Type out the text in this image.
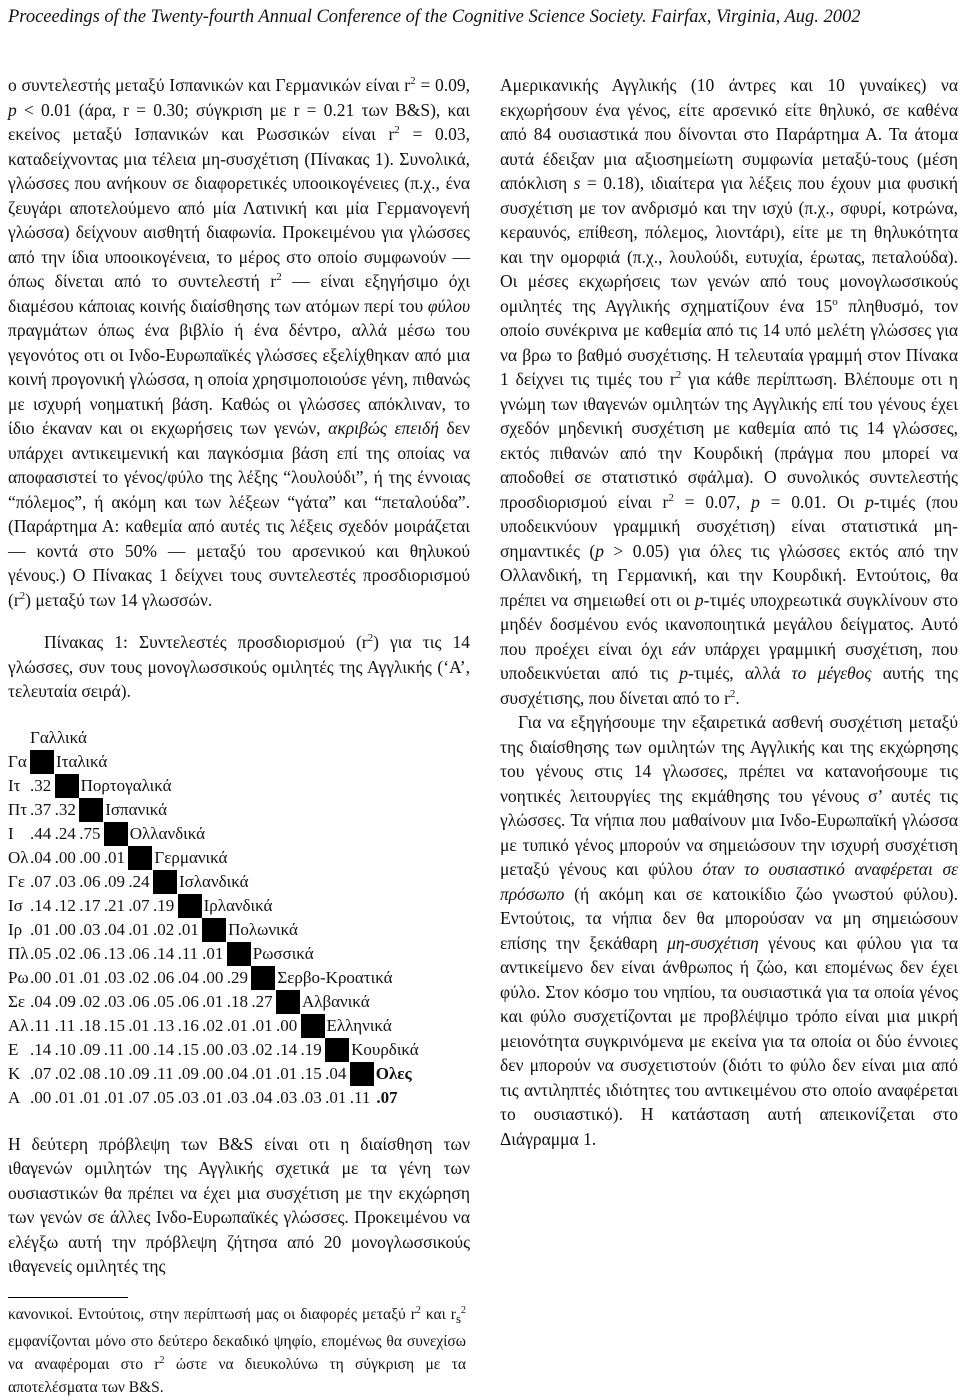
Proceedings of the Twenty-fourth Annual Conference of the Cognitive Science Society. Fairfax, Virginia, Aug. 2002

ο συντελεστής μεταξύ Ισπανικών και Γερμανικών είναι $r^2 = 0.09$, p < 0.01 (άρα, r = 0.30; σύγκριση με r = 0.21 των B&S), και εκείνος μεταξύ Ισπανικών και Ρωσσικών είναι $r^2 = 0.03$, καταδείχνοντας μια τέλεια μη-συσχέτιση (Πίνακας 1). Συνολικά, γλώσσες που ανήκουν σε διαφορετικές υποοικογένειες (π.χ., ένα ζευγάρι αποτελούμενο από μία Λατινική και μία Γερμανογενή γλώσσα) δείχνουν αισθητή διαφωνία. Προκειμένου για γλώσσες από την ίδια υποοικογένεια, το μέρος στο οποίο συμφωνούν — όπως δίνεται από το συντελεστή $r^2$ — είναι εξηγήσιμο όχι διαμέσου κάποιας κοινής διαίσθησης των ατόμων περί του φύλου πραγμάτων όπως ένα βιβλίο ή ένα δέντρο, αλλά μέσω του γεγονότος οτι οι Ινδο-Ευρωπαϊκές γλώσσες εξελίχθηκαν από μια κοινή προγονική γλώσσα, η οποία χρησιμοποιούσε γένη, πιθανώς με ισχυρή νοηματική βάση. Καθώς οι γλώσσες απόκλιναν, το ίδιο έκαναν και οι εκχωρήσεις των γενών, ακριβώς επειδή δεν υπάρχει αντικειμενική και παγκόσμια βάση επί της οποίας να αποφασιστεί το γένος/φύλο της λέξης “λουλούδι”, ή της έννοιας “πόλεμος”, ή ακόμη και των λέξεων “γάτα” και “πεταλούδα”. (Παράρτημα Α: καθεμία από αυτές τις λέξεις σχεδόν μοιράζεται — κοντά στο 50% — μεταξύ του αρσενικού και θηλυκού γένους.) Ο Πίνακας 1 δείχνει τους συντελεστές προσδιορισμού $(r^2)$ μεταξύ των 14 γλωσσών.

Πίνακας 1: Συντελεστές προσδιορισμού $(r^2)$ για τις 14 γλώσσες, συν τους μονογλωσσικούς ομιλητές της Αγγλικής (‘Α’, τελευταία σειρά).

Γαλλικά
Γα Ιταλικά
Ιτ .32 Πορτογαλικά
Πτ .37 .32 Ισπανικά
Ι .44 .24 .75 Ολλανδικά
Ολ .04 .00 .00 .01 Γερμανικά
Γε .07 .03 .06 .09 .24 Ισλανδικά
Ισ .14 .12 .17 .21 .07 .19 Ιρλανδικά
Ιρ .01 .00 .03 .04 .01 .02 .01 Πολωνικά
Πλ .05 .02 .06 .13 .06 .14 .11 .01 Ρωσσικά
Ρω .00 .01 .01 .03 .02 .06 .04 .00 .29 Σερβο-Κροατικά
Σε .04 .09 .02 .03 .06 .05 .06 .01 .18 .27 Αλβανικά
Αλ .11 .11 .18 .15 .01 .13 .16 .02 .01 .01 .00 Ελληνικά
Ε .14 .10 .09 .11 .00 .14 .15 .00 .03 .02 .14 .19 Κουρδικά
Κ .07 .02 .08 .10 .09 .11 .09 .00 .04 .01 .01 .15 .04 Ολες
Α .00 .01 .01 .01 .07 .05 .03 .01 .03 .04 .03 .03 .01 .11 .07

Η δεύτερη πρόβλεψη των B&S είναι οτι η διαίσθηση των ιθαγενών ομιλητών της Αγγλικής σχετικά με τα γένη των ουσιαστικών θα πρέπει να έχει μια συσχέτιση με την εκχώρηση των γενών σε άλλες Ινδο-Ευρωπαϊκές γλώσσες. Προκειμένου να ελέγξω αυτή την πρόβλεψη ζήτησα από 20 μονογλωσσικούς ιθαγενείς ομιλητές της

Αμερικανικής Αγγλικής (10 άντρες και 10 γυναίκες) να εκχωρήσουν ένα γένος, είτε αρσενικό είτε θηλυκό, σε καθένα από 84 ουσιαστικά που δίνονται στο Παράρτημα Α. Τα άτομα αυτά έδειξαν μια αξιοσημείωτη συμφωνία μεταξύ-τους (μέση απόκλιση s = 0.18), ιδιαίτερα για λέξεις που έχουν μια φυσική συσχέτιση με τον ανδρισμό και την ισχύ (π.χ., σφυρί, κοτρώνα, κεραυνός, επίθεση, πόλεμος, λιοντάρι), είτε με τη θηλυκότητα και την ομορφιά (π.χ., λουλούδι, ευτυχία, έρωτας, πεταλούδα). Οι μέσες εκχωρήσεις των γενών από τους μονογλωσσικούς ομιλητές της Αγγλικής σχηματίζουν ένα $15^o$ πληθυσμό, τον οποίο συνέκρινα με καθεμία από τις 14 υπό μελέτη γλώσσες για να βρω το βαθμό συσχέτισης. Η τελευταία γραμμή στον Πίνακα 1 δείχνει τις τιμές του $r^2$ για κάθε περίπτωση. Βλέπουμε οτι η γνώμη των ιθαγενών ομιλητών της Αγγλικής επί του γένους έχει σχεδόν μηδενική συσχέτιση με καθεμία από τις 14 γλώσσες, εκτός πιθανών από την Κουρδική (πράγμα που μπορεί να αποδοθεί σε στατιστικό σφάλμα). Ο συνολικός συντελεστής προσδιορισμού είναι $r^2 = 0.07$, p = 0.01. Οι p-τιμές (που υποδεικνύουν γραμμική συσχέτιση) είναι στατιστικά μη-σημαντικές (p > 0.05) για όλες τις γλώσσες εκτός από την Ολλανδική, τη Γερμανική, και την Κουρδική. Εντούτοις, θα πρέπει να σημειωθεί οτι οι p-τιμές υποχρεωτικά συγκλίνουν στο μηδέν δοσμένου ενός ικανοποιητικά μεγάλου δείγματος. Αυτό που προέχει είναι όχι εάν υπάρχει γραμμική συσχέτιση, που υποδεικνύεται από τις p-τιμές, αλλά το μέγεθος αυτής της συσχέτισης, που δίνεται από το $r^2$.

Για να εξηγήσουμε την εξαιρετικά ασθενή συσχέτιση μεταξύ της διαίσθησης των ομιλητών της Αγγλικής και της εκχώρησης του γένους στις 14 γλωσσες, πρέπει να κατανοήσουμε τις νοητικές λειτουργίες της εκμάθησης του γένους σ’ αυτές τις γλώσσες. Τα νήπια που μαθαίνουν μια Ινδο-Ευρωπαϊκή γλώσσα με τυπικό γένος μπορούν να σημειώσουν την ισχυρή συσχέτιση μεταξύ γένους και φύλου όταν το ουσιαστικό αναφέρεται σε πρόσωπο (ή ακόμη και σε κατοικίδιο ζώο γνωστού φύλου). Εντούτοις, τα νήπια δεν θα μπορούσαν να μη σημειώσουν επίσης την ξεκάθαρη μη-συσχέτιση γένους και φύλου για τα αντικείμενο δεν είναι άνθρωπος ή ζώο, και επομένως δεν έχει φύλο. Στον κόσμο του νηπίου, τα ουσιαστικά για τα οποία γένος και φύλο συσχετίζονται με προβλέψιμο τρόπο είναι μια μικρή μειονότητα συγκρινόμενα με εκείνα για τα οποία οι δύο έννοιες δεν μπορούν να συσχετιστούν (διότι το φύλο δεν είναι μια από τις αντιληπτές ιδιότητες του αντικειμένου στο οποίο αναφέρεται το ουσιαστικό). Η κατάσταση αυτή απεικονίζεται στο Διάγραμμα 1.

κανονικοί. Εντούτοις, στην περίπτωσή μας οι διαφορές μεταξύ $r^2$ και $r_s^2$ εμφανίζονται μόνο στο δεύτερο δεκαδικό ψηφίο, επομένως θα συνεχίσω να αναφέρομαι στο $r^2$ ώστε να διευκολύνω τη σύγκριση με τα αποτελέσματα των B&S.
